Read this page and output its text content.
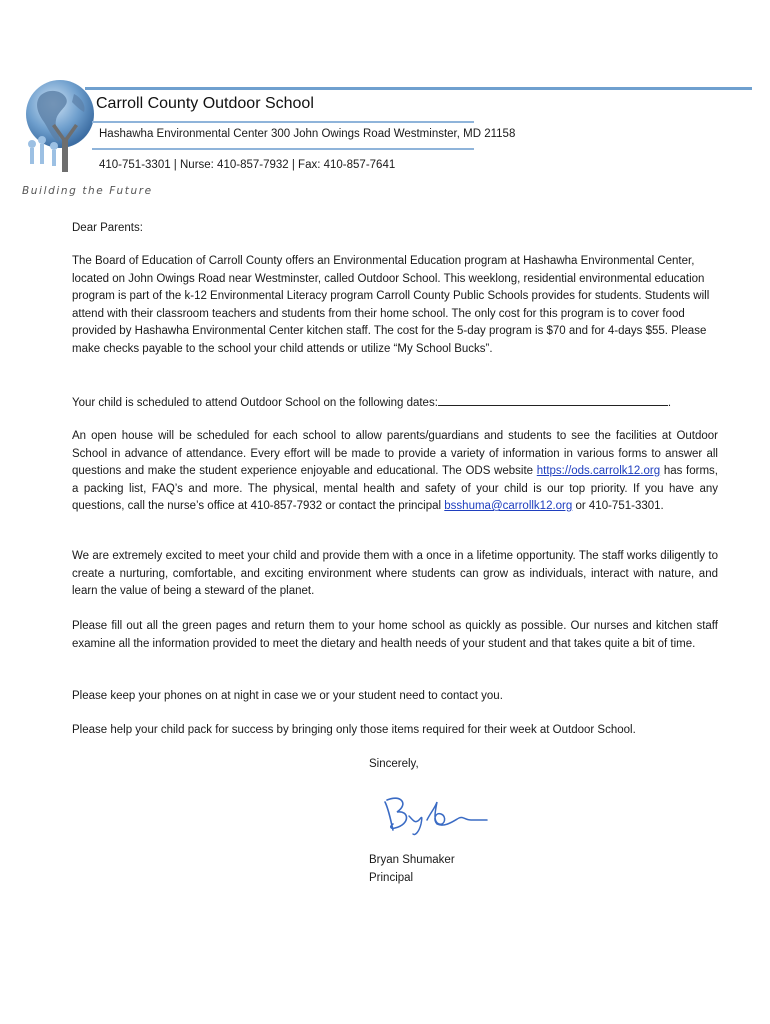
Building the Future
Carroll County Outdoor School
Hashawha Environmental Center 300 John Owings Road Westminster, MD 21158
410-751-3301 | Nurse: 410-857-7932 | Fax: 410-857-7641
Dear Parents:
The Board of Education of Carroll County offers an Environmental Education program at Hashawha Environmental Center, located on John Owings Road near Westminster, called Outdoor School. This weeklong, residential environmental education program is part of the k-12 Environmental Literacy program Carroll County Public Schools provides for students. Students will attend with their classroom teachers and students from their home school. The only cost for this program is to cover food provided by Hashawha Environmental Center kitchen staff. The cost for the 5-day program is $70 and for 4-days $55. Please make checks payable to the school your child attends or utilize “My School Bucks”.
Your child is scheduled to attend Outdoor School on the following dates:	.
An open house will be scheduled for each school to allow parents/guardians and students to see the facilities at Outdoor School in advance of attendance. Every effort will be made to provide a variety of information in various forms to answer all questions and make the student experience enjoyable and educational. The ODS website https://ods.carrolk12.org has forms, a packing list, FAQ’s and more. The physical, mental health and safety of your child is our top priority. If you have any questions, call the nurse’s office at 410-857-7932 or contact the principal bsshuma@carrollk12.org or 410-751-3301.
We are extremely excited to meet your child and provide them with a once in a lifetime opportunity. The staff works diligently to create a nurturing, comfortable, and exciting environment where students can grow as individuals, interact with nature, and learn the value of being a steward of the planet.
Please fill out all the green pages and return them to your home school as quickly as possible. Our nurses and kitchen staff examine all the information provided to meet the dietary and health needs of your student and that takes quite a bit of time.
Please keep your phones on at night in case we or your student need to contact you.
Please help your child pack for success by bringing only those items required for their week at Outdoor School.
Sincerely,
Bryan Shumaker
Principal
